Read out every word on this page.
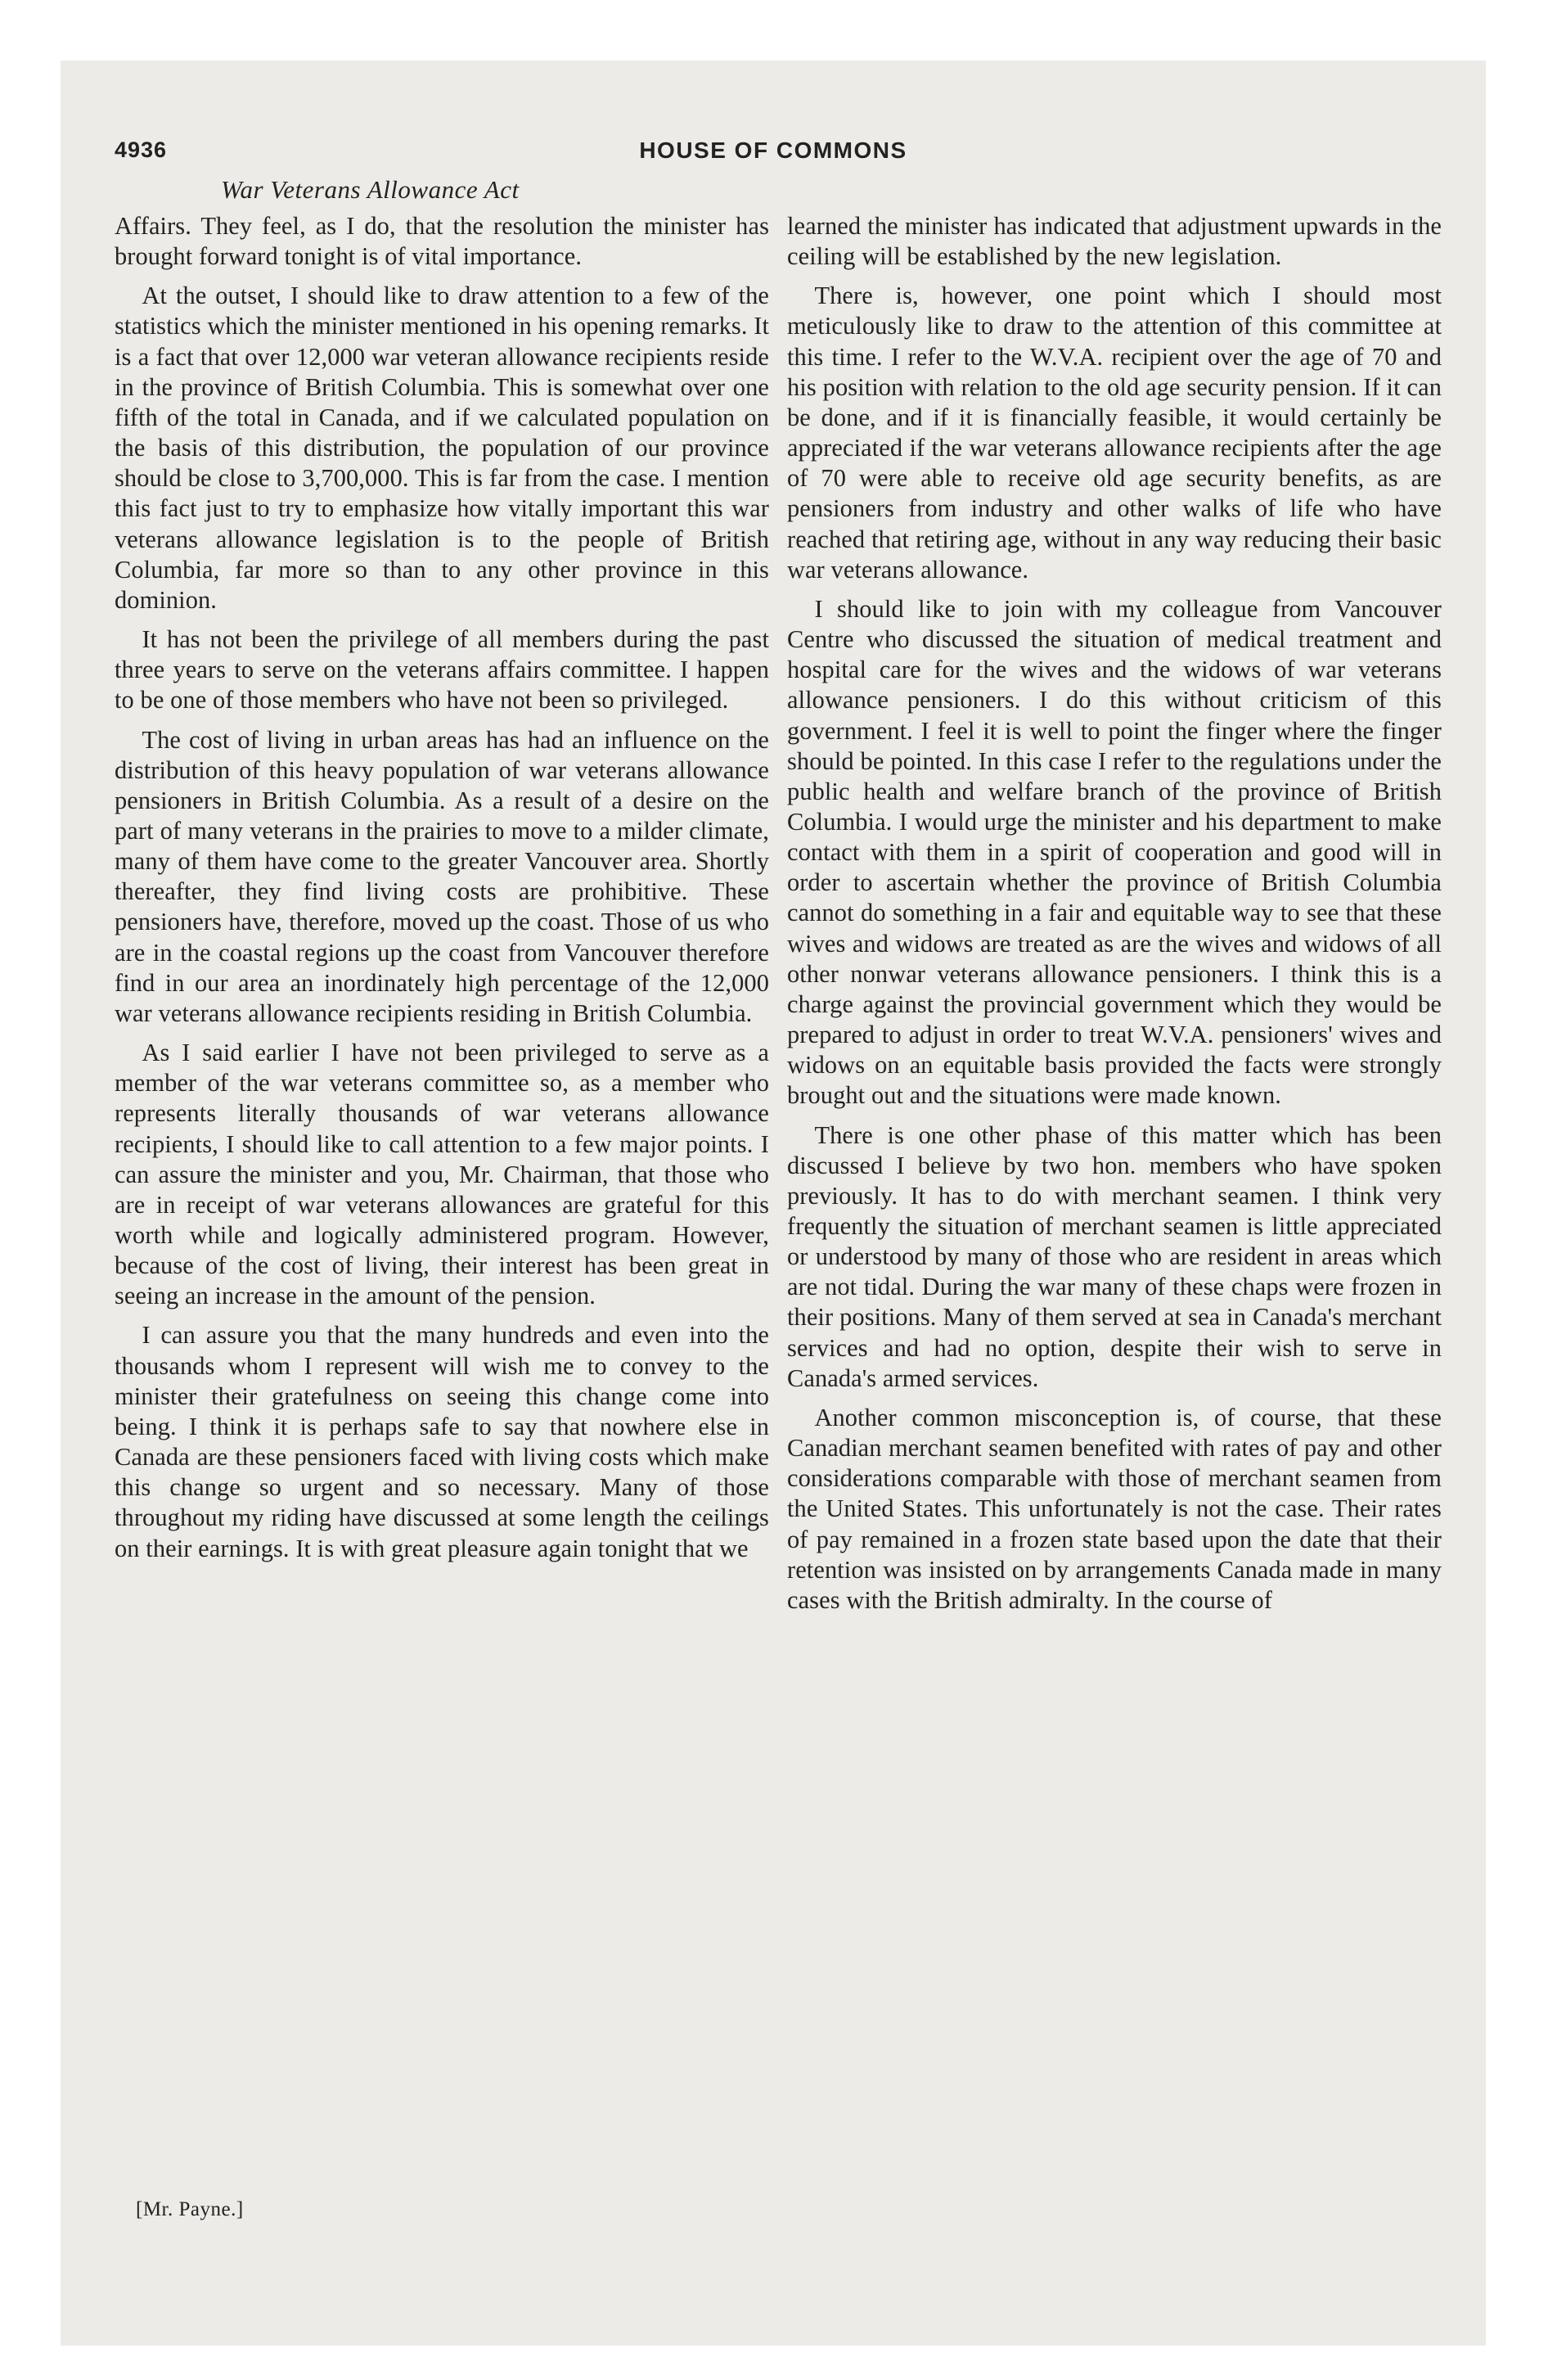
4936	HOUSE OF COMMONS
War Veterans Allowance Act

Affairs. They feel, as I do, that the resolution the minister has brought forward tonight is of vital importance.

At the outset, I should like to draw attention to a few of the statistics which the minister mentioned in his opening remarks. It is a fact that over 12,000 war veteran allowance recipients reside in the province of British Columbia. This is somewhat over one fifth of the total in Canada, and if we calculated population on the basis of this distribution, the population of our province should be close to 3,700,000. This is far from the case. I mention this fact just to try to emphasize how vitally important this war veterans allowance legislation is to the people of British Columbia, far more so than to any other province in this dominion.

It has not been the privilege of all members during the past three years to serve on the veterans affairs committee. I happen to be one of those members who have not been so privileged.

The cost of living in urban areas has had an influence on the distribution of this heavy population of war veterans allowance pensioners in British Columbia. As a result of a desire on the part of many veterans in the prairies to move to a milder climate, many of them have come to the greater Vancouver area. Shortly thereafter, they find living costs are prohibitive. These pensioners have, therefore, moved up the coast. Those of us who are in the coastal regions up the coast from Vancouver therefore find in our area an inordinately high percentage of the 12,000 war veterans allowance recipients residing in British Columbia.

As I said earlier I have not been privileged to serve as a member of the war veterans committee so, as a member who represents literally thousands of war veterans allowance recipients, I should like to call attention to a few major points. I can assure the minister and you, Mr. Chairman, that those who are in receipt of war veterans allowances are grateful for this worth while and logically administered program. However, because of the cost of living, their interest has been great in seeing an increase in the amount of the pension.

I can assure you that the many hundreds and even into the thousands whom I represent will wish me to convey to the minister their gratefulness on seeing this change come into being. I think it is perhaps safe to say that nowhere else in Canada are these pensioners faced with living costs which make this change so urgent and so necessary. Many of those throughout my riding have discussed at some length the ceilings on their earnings. It is with great pleasure again tonight that we

learned the minister has indicated that adjustment upwards in the ceiling will be established by the new legislation.

There is, however, one point which I should most meticulously like to draw to the attention of this committee at this time. I refer to the W.V.A. recipient over the age of 70 and his position with relation to the old age security pension. If it can be done, and if it is financially feasible, it would certainly be appreciated if the war veterans allowance recipients after the age of 70 were able to receive old age security benefits, as are pensioners from industry and other walks of life who have reached that retiring age, without in any way reducing their basic war veterans allowance.

I should like to join with my colleague from Vancouver Centre who discussed the situation of medical treatment and hospital care for the wives and the widows of war veterans allowance pensioners. I do this without criticism of this government. I feel it is well to point the finger where the finger should be pointed. In this case I refer to the regulations under the public health and welfare branch of the province of British Columbia. I would urge the minister and his department to make contact with them in a spirit of cooperation and good will in order to ascertain whether the province of British Columbia cannot do something in a fair and equitable way to see that these wives and widows are treated as are the wives and widows of all other nonwar veterans allowance pensioners. I think this is a charge against the provincial government which they would be prepared to adjust in order to treat W.V.A. pensioners' wives and widows on an equitable basis provided the facts were strongly brought out and the situations were made known.

There is one other phase of this matter which has been discussed I believe by two hon. members who have spoken previously. It has to do with merchant seamen. I think very frequently the situation of merchant seamen is little appreciated or understood by many of those who are resident in areas which are not tidal. During the war many of these chaps were frozen in their positions. Many of them served at sea in Canada's merchant services and had no option, despite their wish to serve in Canada's armed services.

Another common misconception is, of course, that these Canadian merchant seamen benefited with rates of pay and other considerations comparable with those of merchant seamen from the United States. This unfortunately is not the case. Their rates of pay remained in a frozen state based upon the date that their retention was insisted on by arrangements Canada made in many cases with the British admiralty. In the course of

[Mr. Payne.]
